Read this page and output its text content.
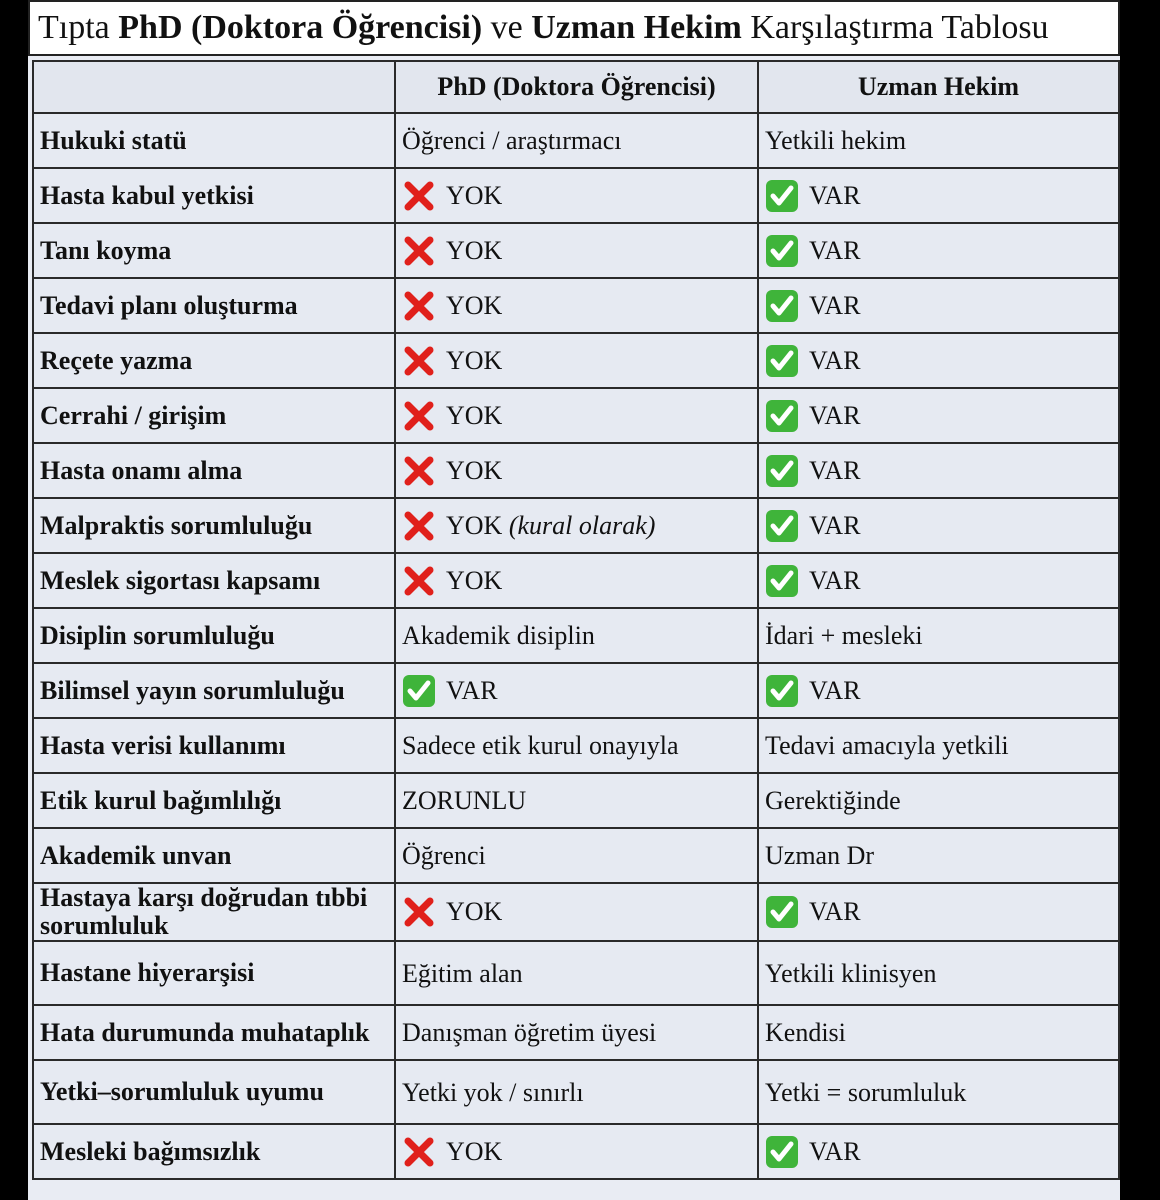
Tıpta
PhD (Doktora Öğrencisi)
ve
Uzman Hekim
Karşılaştırma Tablosu
	PhD (Doktora Öğrencisi)	Uzman Hekim
Hukuki statü	Öğrenci / araştırmacı	Yetkili hekim
Hasta kabul yetkisi	YOK	VAR
Tanı koyma	YOK	VAR
Tedavi planı oluşturma	YOK	VAR
Reçete yazma	YOK	VAR
Cerrahi / girişim	YOK	VAR
Hasta onamı alma	YOK	VAR
Malpraktis sorumluluğu	YOK (kural olarak)	VAR
Meslek sigortası kapsamı	YOK	VAR
Disiplin sorumluluğu	Akademik disiplin	İdari + mesleki
Bilimsel yayın sorumluluğu	VAR	VAR
Hasta verisi kullanımı	Sadece etik kurul onayıyla	Tedavi amacıyla yetkili
Etik kurul bağımlılığı	ZORUNLU	Gerektiğinde
Akademik unvan	Öğrenci	Uzman Dr
Hastaya karşı doğrudan tıbbi sorumluluk	YOK	VAR
Hastane hiyerarşisi	Eğitim alan	Yetkili klinisyen
Hata durumunda muhataplık	Danışman öğretim üyesi	Kendisi
Yetki–sorumluluk uyumu	Yetki yok / sınırlı	Yetki = sorumluluk
Mesleki bağımsızlık	YOK	VAR
